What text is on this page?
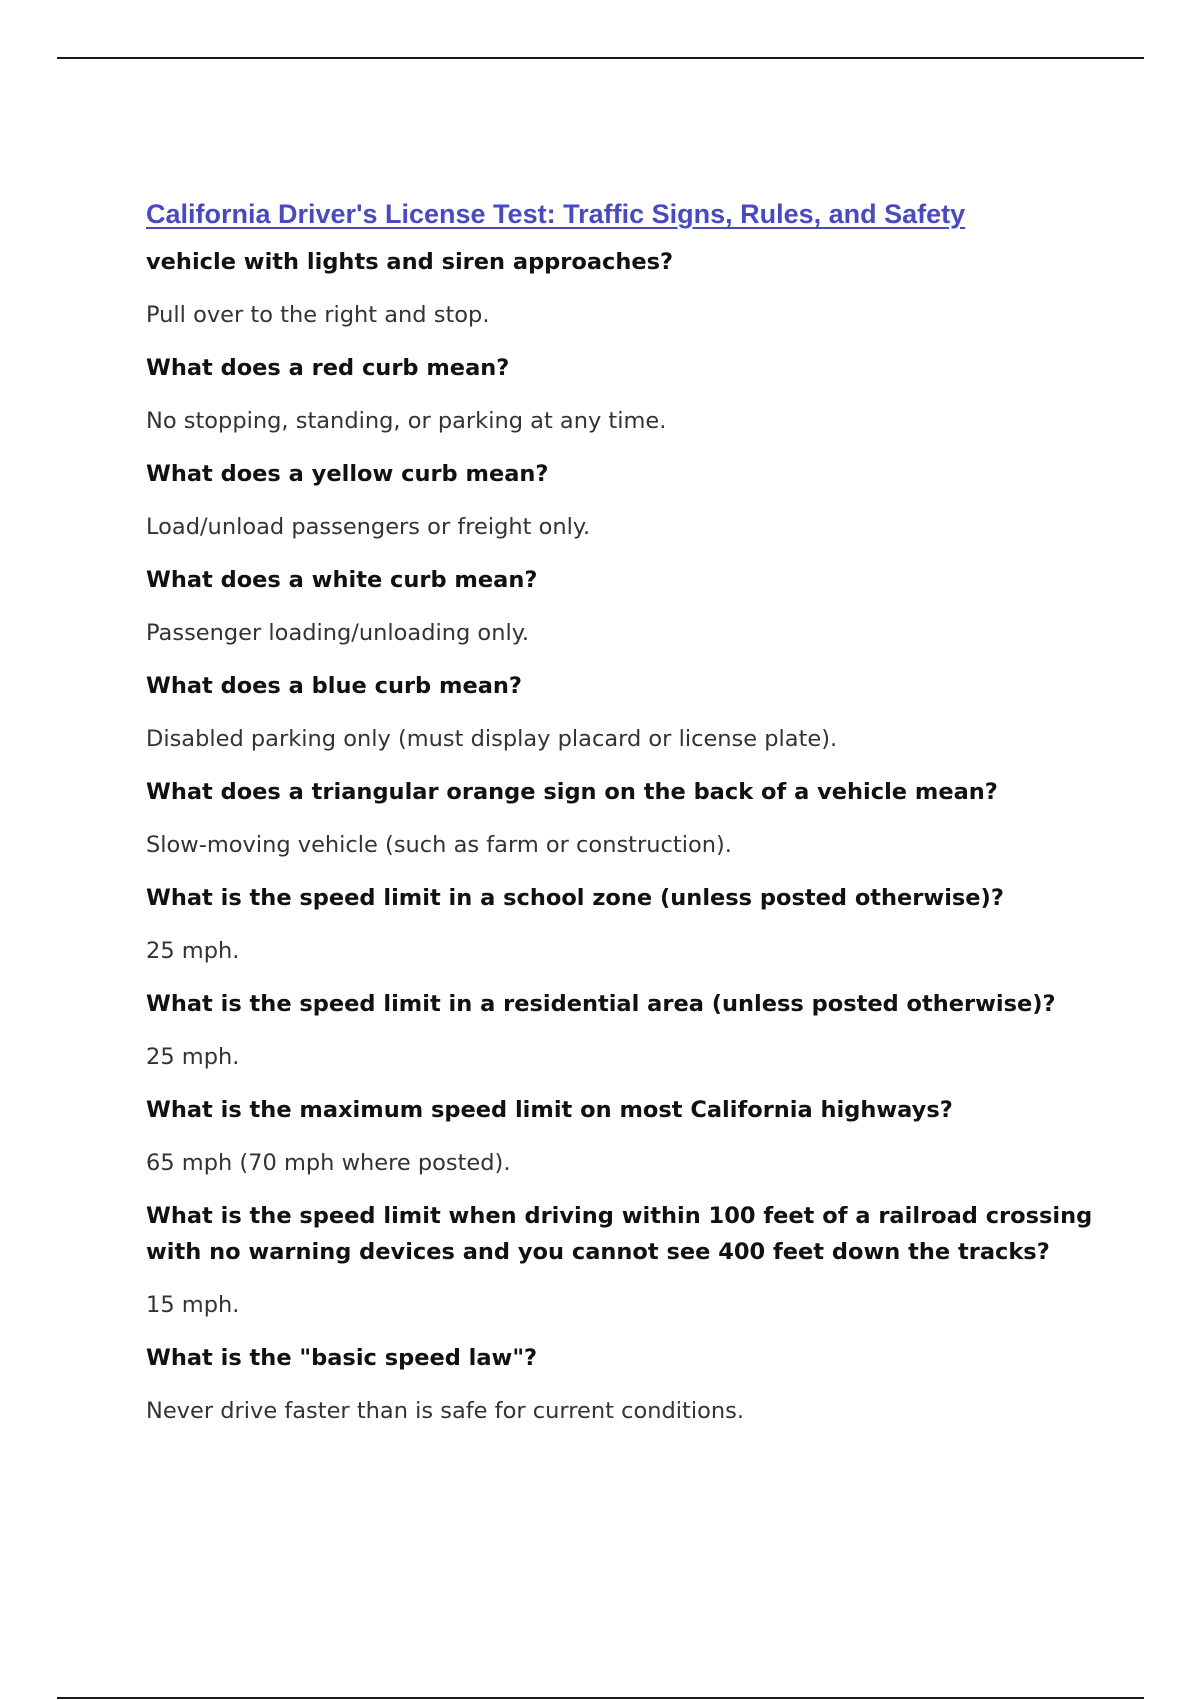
California Driver's License Test: Traffic Signs, Rules, and Safety

vehicle with lights and siren approaches?

Pull over to the right and stop.

What does a red curb mean?

No stopping, standing, or parking at any time.

What does a yellow curb mean?

Load/unload passengers or freight only.

What does a white curb mean?

Passenger loading/unloading only.

What does a blue curb mean?

Disabled parking only (must display placard or license plate).

What does a triangular orange sign on the back of a vehicle mean?

Slow-moving vehicle (such as farm or construction).

What is the speed limit in a school zone (unless posted otherwise)?

25 mph.

What is the speed limit in a residential area (unless posted otherwise)?

25 mph.

What is the maximum speed limit on most California highways?

65 mph (70 mph where posted).

What is the speed limit when driving within 100 feet of a railroad crossing with no warning devices and you cannot see 400 feet down the tracks?

15 mph.

What is the "basic speed law"?

Never drive faster than is safe for current conditions.
